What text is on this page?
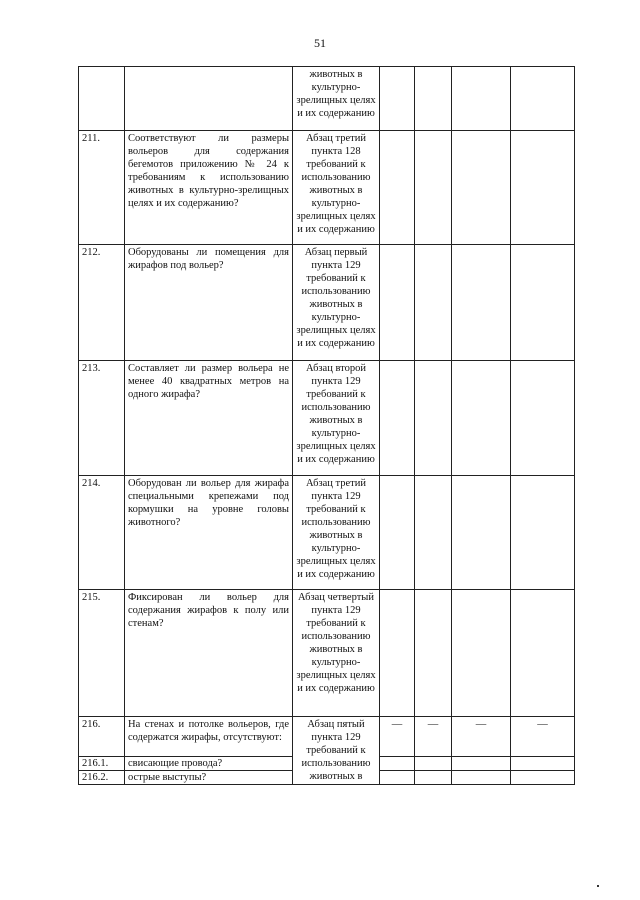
51
		животных в культурно-зрелищных целях и их содержанию				
211.	Соответствуют ли размеры вольеров для содержания бегемотов приложению № 24 к требованиям к использованию животных в культурно-зрелищных целях и их содержанию?	Абзац третий пункта 128 требований к использованию животных в культурно-зрелищных целях и их содержанию				
212.	Оборудованы ли помещения для жирафов под вольер?	Абзац первый пункта 129 требований к использованию животных в культурно-зрелищных целях и их содержанию				
213.	Составляет ли размер вольера не менее 40 квадратных метров на одного жирафа?	Абзац второй пункта 129 требований к использованию животных в культурно-зрелищных целях и их содержанию				
214.	Оборудован ли вольер для жирафа специальными крепежами под кормушки на уровне головы животного?	Абзац третий пункта 129 требований к использованию животных в культурно-зрелищных целях и их содержанию				
215.	Фиксирован ли вольер для содержания жирафов к полу или стенам?	Абзац четвертый пункта 129 требований к использованию животных в культурно-зрелищных целях и их содержанию				
216.	На стенах и потолке вольеров, где содержатся жирафы, отсутствуют:	Абзац пятый пункта 129 требований к использованию животных в	—	—	—	—
216.1.	свисающие провода?					
216.2.	острые выступы?					
